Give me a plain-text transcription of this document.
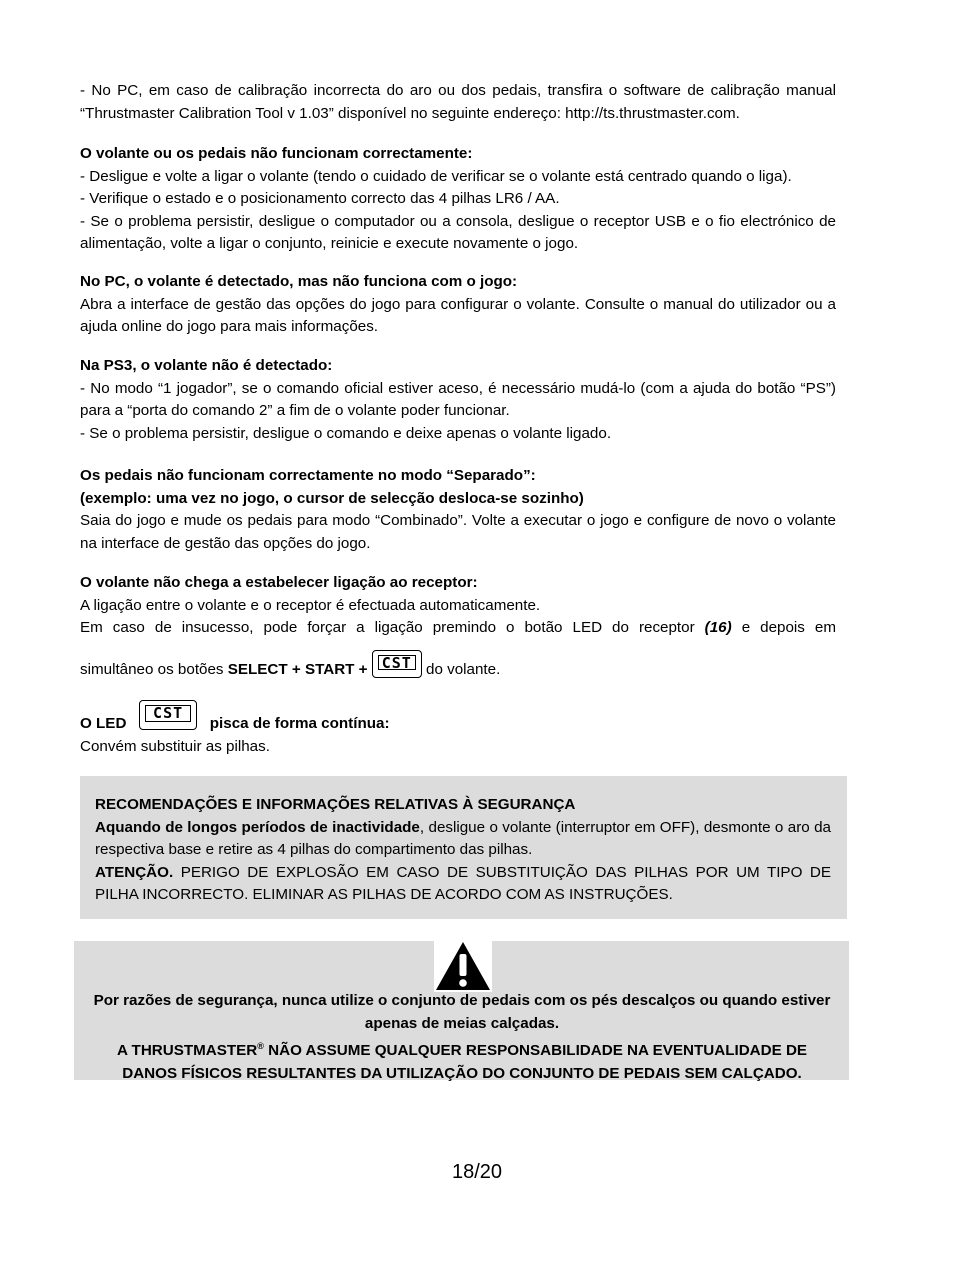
- No PC, em caso de calibração incorrecta do aro ou dos pedais, transfira o software de calibração manual “Thrustmaster Calibration Tool v 1.03” disponível no seguinte endereço: http://ts.thrustmaster.com.

O volante ou os pedais não funcionam correctamente:

- Desligue e volte a ligar o volante (tendo o cuidado de verificar se o volante está centrado quando o liga).

- Verifique o estado e o posicionamento correcto das 4 pilhas LR6 / AA.

- Se o problema persistir, desligue o computador ou a consola, desligue o receptor USB e o fio electrónico de alimentação, volte a ligar o conjunto, reinicie e execute novamente o jogo.

No PC, o volante é detectado, mas não funciona com o jogo:

Abra a interface de gestão das opções do jogo para configurar o volante. Consulte o manual do utilizador ou a ajuda online do jogo para mais informações.

Na PS3, o volante não é detectado:

- No modo “1 jogador”, se o comando oficial estiver aceso, é necessário mudá-lo (com a ajuda do botão “PS”) para a “porta do comando 2” a fim de o volante poder funcionar.

- Se o problema persistir, desligue o comando e deixe apenas o volante ligado.

Os pedais não funcionam correctamente no modo “Separado”:

(exemplo: uma vez no jogo, o cursor de selecção desloca-se sozinho)

Saia do jogo e mude os pedais para modo “Combinado”. Volte a executar o jogo e configure de novo o volante na interface de gestão das opções do jogo.

O volante não chega a estabelecer ligação ao receptor:

A ligação entre o volante e o receptor é efectuada automaticamente.

Em caso de insucesso, pode forçar a ligação premindo o botão LED do receptor (16) e depois em

simultâneo os botões SELECT + START + CST do volante.

O LED
CST
pisca de forma contínua:

Convém substituir as pilhas.

RECOMENDAÇÕES E INFORMAÇÕES RELATIVAS À SEGURANÇA

Aquando de longos períodos de inactividade, desligue o volante (interruptor em OFF), desmonte o aro da respectiva base e retire as 4 pilhas do compartimento das pilhas.

ATENÇÃO. PERIGO DE EXPLOSÃO EM CASO DE SUBSTITUIÇÃO DAS PILHAS POR UM TIPO DE PILHA INCORRECTO. ELIMINAR AS PILHAS DE ACORDO COM AS INSTRUÇÕES.

Por razões de segurança, nunca utilize o conjunto de pedais com os pés descalços ou quando estiver apenas de meias calçadas.

A THRUSTMASTER® NÃO ASSUME QUALQUER RESPONSABILIDADE NA EVENTUALIDADE DE DANOS FÍSICOS RESULTANTES DA UTILIZAÇÃO DO CONJUNTO DE PEDAIS SEM CALÇADO.

18/20
